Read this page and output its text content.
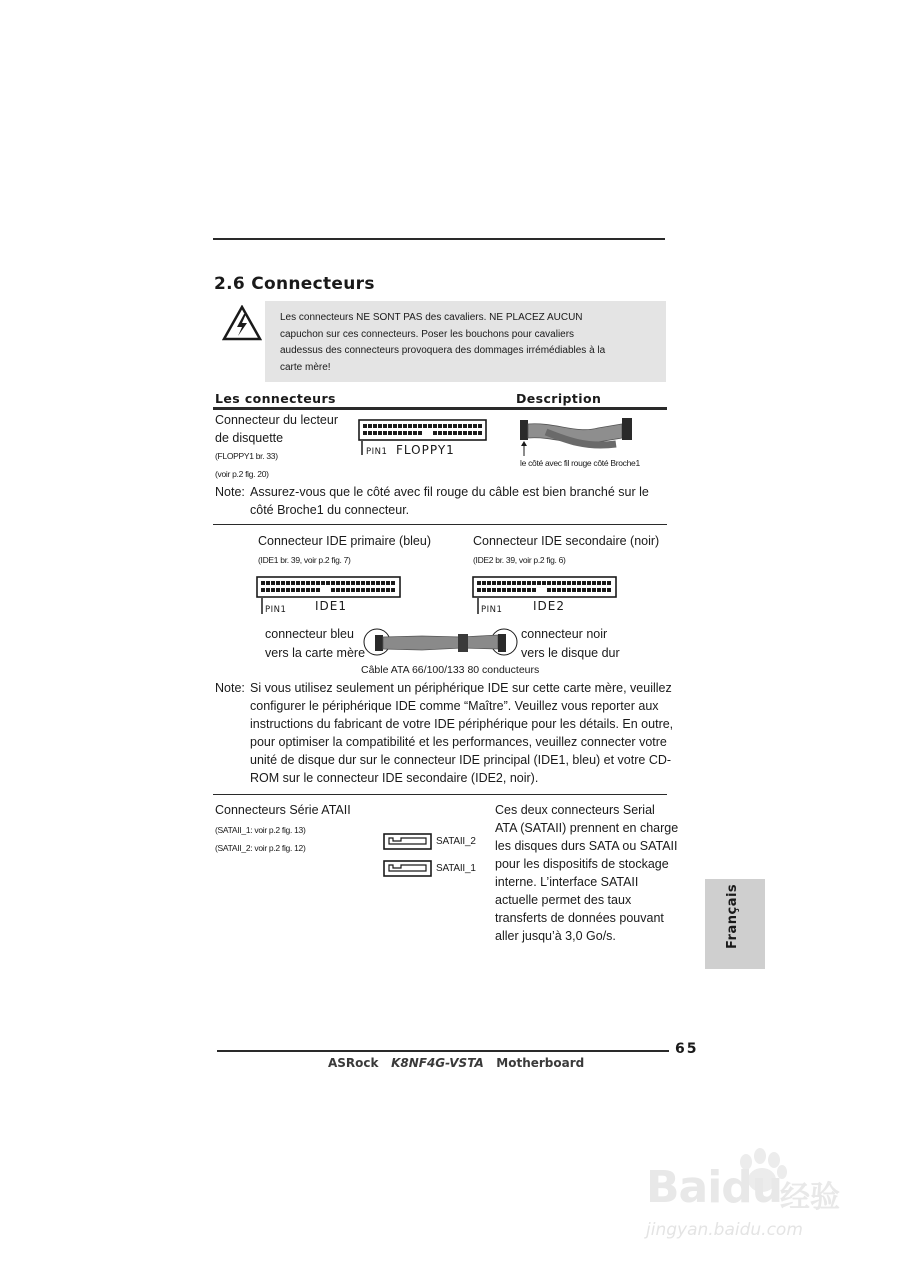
2.6 Connecteurs
Les connecteurs NE SONT PAS des cavaliers. NE PLACEZ AUCUN
capuchon sur ces connecteurs. Poser les bouchons pour cavaliers
audessus des connecteurs provoquera des dommages irrémédiables à la
carte mère!
Les connecteurs	Description
Connecteur du lecteur
de disquette
(FLOPPY1 br. 33)
(voir p.2 fig. 20)
PIN1 FLOPPY1
le côté avec fil rouge côté Broche1
Note: Assurez-vous que le côté avec fil rouge du câble est bien branché sur le
côté Broche1 du connecteur.
Connecteur IDE primaire (bleu)
(IDE1 br. 39, voir p.2 fig. 7)
Connecteur IDE secondaire (noir)
(IDE2 br. 39, voir p.2 fig. 6)
PIN1 IDE1	PIN1	IDE2
connecteur bleu
vers la carte mère
connecteur noir
vers le disque dur
Câble ATA 66/100/133 80 conducteurs
Note: Si vous utilisez seulement un périphérique IDE sur cette carte mère, veuillez
configurer le périphérique IDE comme “Maître”. Veuillez vous reporter aux
instructions du fabricant de votre IDE périphérique pour les détails. En outre,
pour optimiser la compatibilité et les performances, veuillez connecter votre
unité de disque dur sur le connecteur IDE principal (IDE1, bleu) et votre CD-
ROM sur le connecteur IDE secondaire (IDE2, noir).
Connecteurs Série ATAII
(SATAII_1: voir p.2 fig. 13)
(SATAII_2: voir p.2 fig. 12)
SATAII_2
SATAII_1
Ces deux connecteurs Serial
ATA (SATAII) prennent en charge
les disques durs SATA ou SATAII
pour les dispositifs de stockage
interne. L’interface SATAII
actuelle permet des taux
transferts de données pouvant
aller jusqu’à 3,0 Go/s.	Français
65
ASRock K8NF4G-VSTA Motherboard
Baidu
经验
jingyan.baidu.com
